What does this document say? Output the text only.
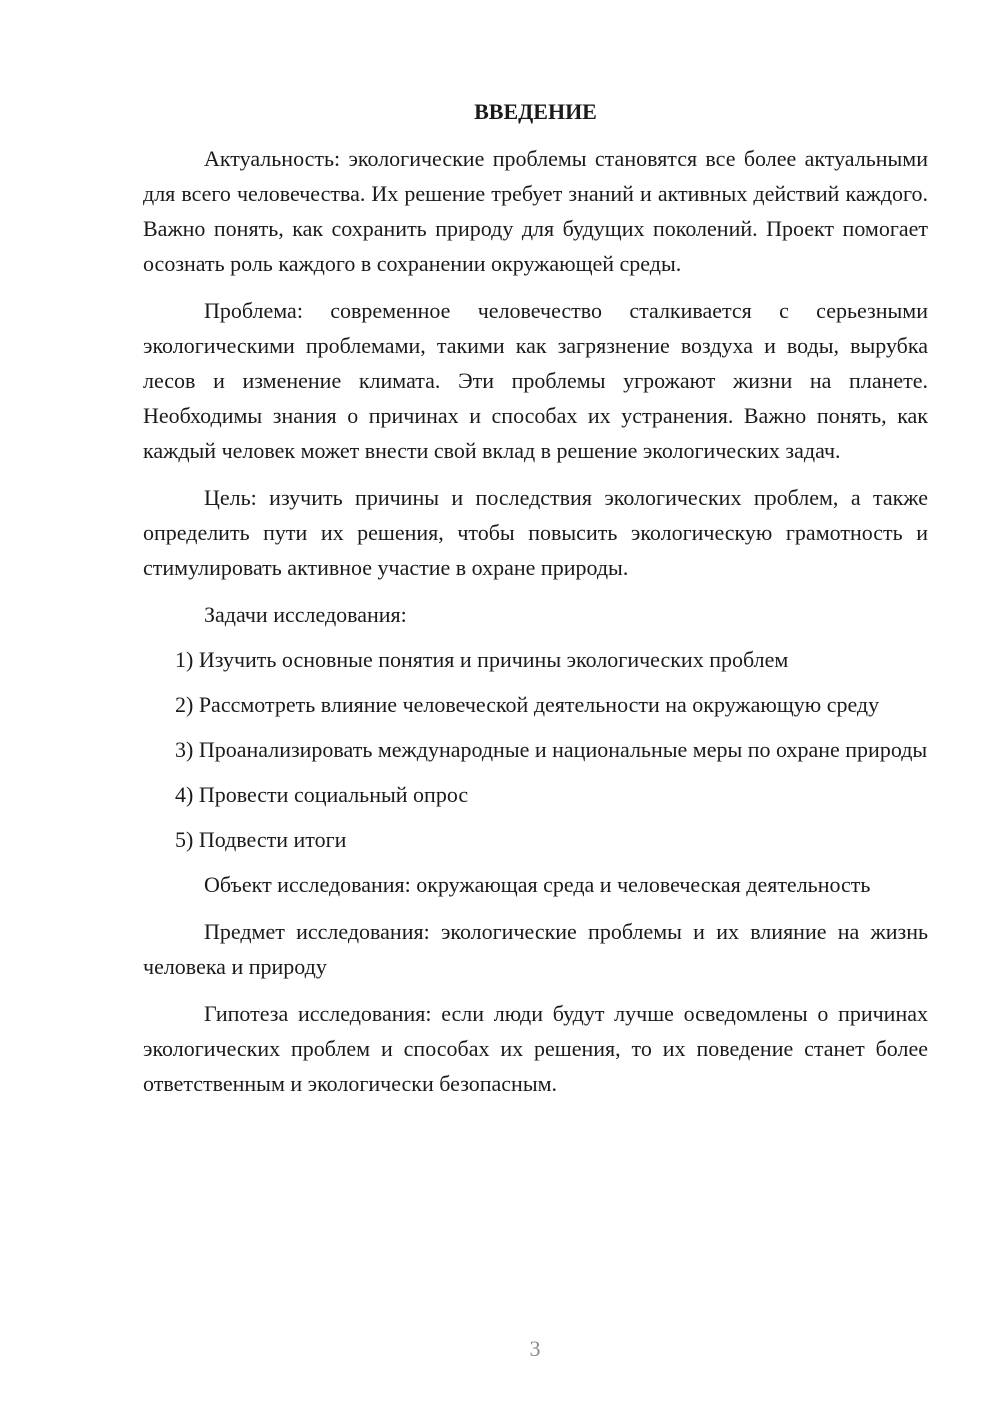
ВВЕДЕНИЕ

Актуальность: экологические проблемы становятся все более актуальными для всего человечества. Их решение требует знаний и активных действий каждого. Важно понять, как сохранить природу для будущих поколений. Проект помогает осознать роль каждого в сохранении окружающей среды.

Проблема: современное человечество сталкивается с серьезными экологическими проблемами, такими как загрязнение воздуха и воды, вырубка лесов и изменение климата. Эти проблемы угрожают жизни на планете. Необходимы знания о причинах и способах их устранения. Важно понять, как каждый человек может внести свой вклад в решение экологических задач.

Цель: изучить причины и последствия экологических проблем, а также определить пути их решения, чтобы повысить экологическую грамотность и стимулировать активное участие в охране природы.

Задачи исследования:

1) Изучить основные понятия и причины экологических проблем

2) Рассмотреть влияние человеческой деятельности на окружающую среду

3) Проанализировать международные и национальные меры по охране природы

4) Провести социальный опрос

5) Подвести итоги

Объект исследования: окружающая среда и человеческая деятельность

Предмет исследования: экологические проблемы и их влияние на жизнь человека и природу

Гипотеза исследования: если люди будут лучше осведомлены о причинах экологических проблем и способах их решения, то их поведение станет более ответственным и экологически безопасным.

3
